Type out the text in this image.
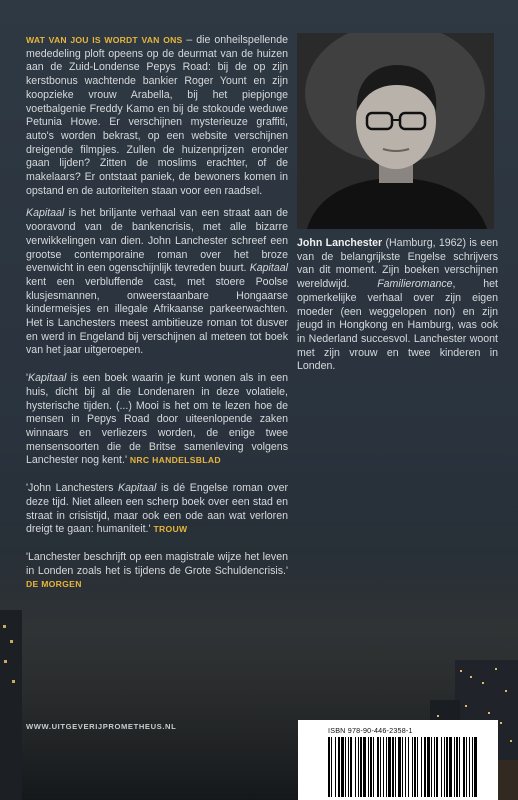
WAT VAN JOU IS WORDT VAN ONS – die onheilspellende mededeling ploft opeens op de deurmat van de huizen aan de Zuid-Londense Pepys Road: bij de op zijn kerstbonus wachtende bankier Roger Yount en zijn koopzieke vrouw Arabella, bij het piepjonge voetbalgenie Freddy Kamo en bij de stokoude weduwe Petunia Howe. Er verschijnen mysterieuze graffiti, auto's worden bekrast, op een website verschijnen dreigende filmpjes. Zullen de huizenprijzen eronder gaan lijden? Zitten de moslims erachter, of de makelaars? Er ontstaat paniek, de bewoners komen in opstand en de autoriteiten staan voor een raadsel.

Kapitaal is het briljante verhaal van een straat aan de vooravond van de bankencrisis, met alle bizarre verwikkelingen van dien. John Lanchester schreef een grootse contemporaine roman over het broze evenwicht in een ogenschijnlijk tevreden buurt. Kapitaal kent een verbluffende cast, met stoere Poolse klusjesmannen, onweerstaanbare Hongaarse kindermeisjes en illegale Afrikaanse parkeerwachten. Het is Lanchesters meest ambitieuze roman tot dusver en werd in Engeland bij verschijnen al meteen tot boek van het jaar uitgeroepen.

'Kapitaal is een boek waarin je kunt wonen als in een huis, dicht bij al die Londenaren in deze volatiele, hysterische tijden. (...) Mooi is het om te lezen hoe de mensen in Pepys Road door uiteenlopende zaken winnaars en verliezers worden, de enige twee mensensoorten die de Britse samenleving volgens Lanchester nog kent.' NRC HANDELSBLAD

'John Lanchesters Kapitaal is dé Engelse roman over deze tijd. Niet alleen een scherp boek over een stad en straat in crisistijd, maar ook een ode aan wat verloren dreigt te gaan: humaniteit.' TROUW

'Lanchester beschrijft op een magistrale wijze het leven in Londen zoals het is tijdens de Grote Schuldencrisis.' DE MORGEN

WWW.UITGEVERIJPROMETHEUS.NL
John Lanchester (Hamburg, 1962) is een van de belangrijkste Engelse schrijvers van dit moment. Zijn boeken verschijnen wereldwijd. Familieromance, het opmerkelijke verhaal over zijn eigen moeder (een weggelopen non) en zijn jeugd in Hongkong en Hamburg, was ook in Nederland succesvol. Lanchester woont met zijn vrouw en twee kinderen in Londen.
ISBN 978-90-446-2358-1
